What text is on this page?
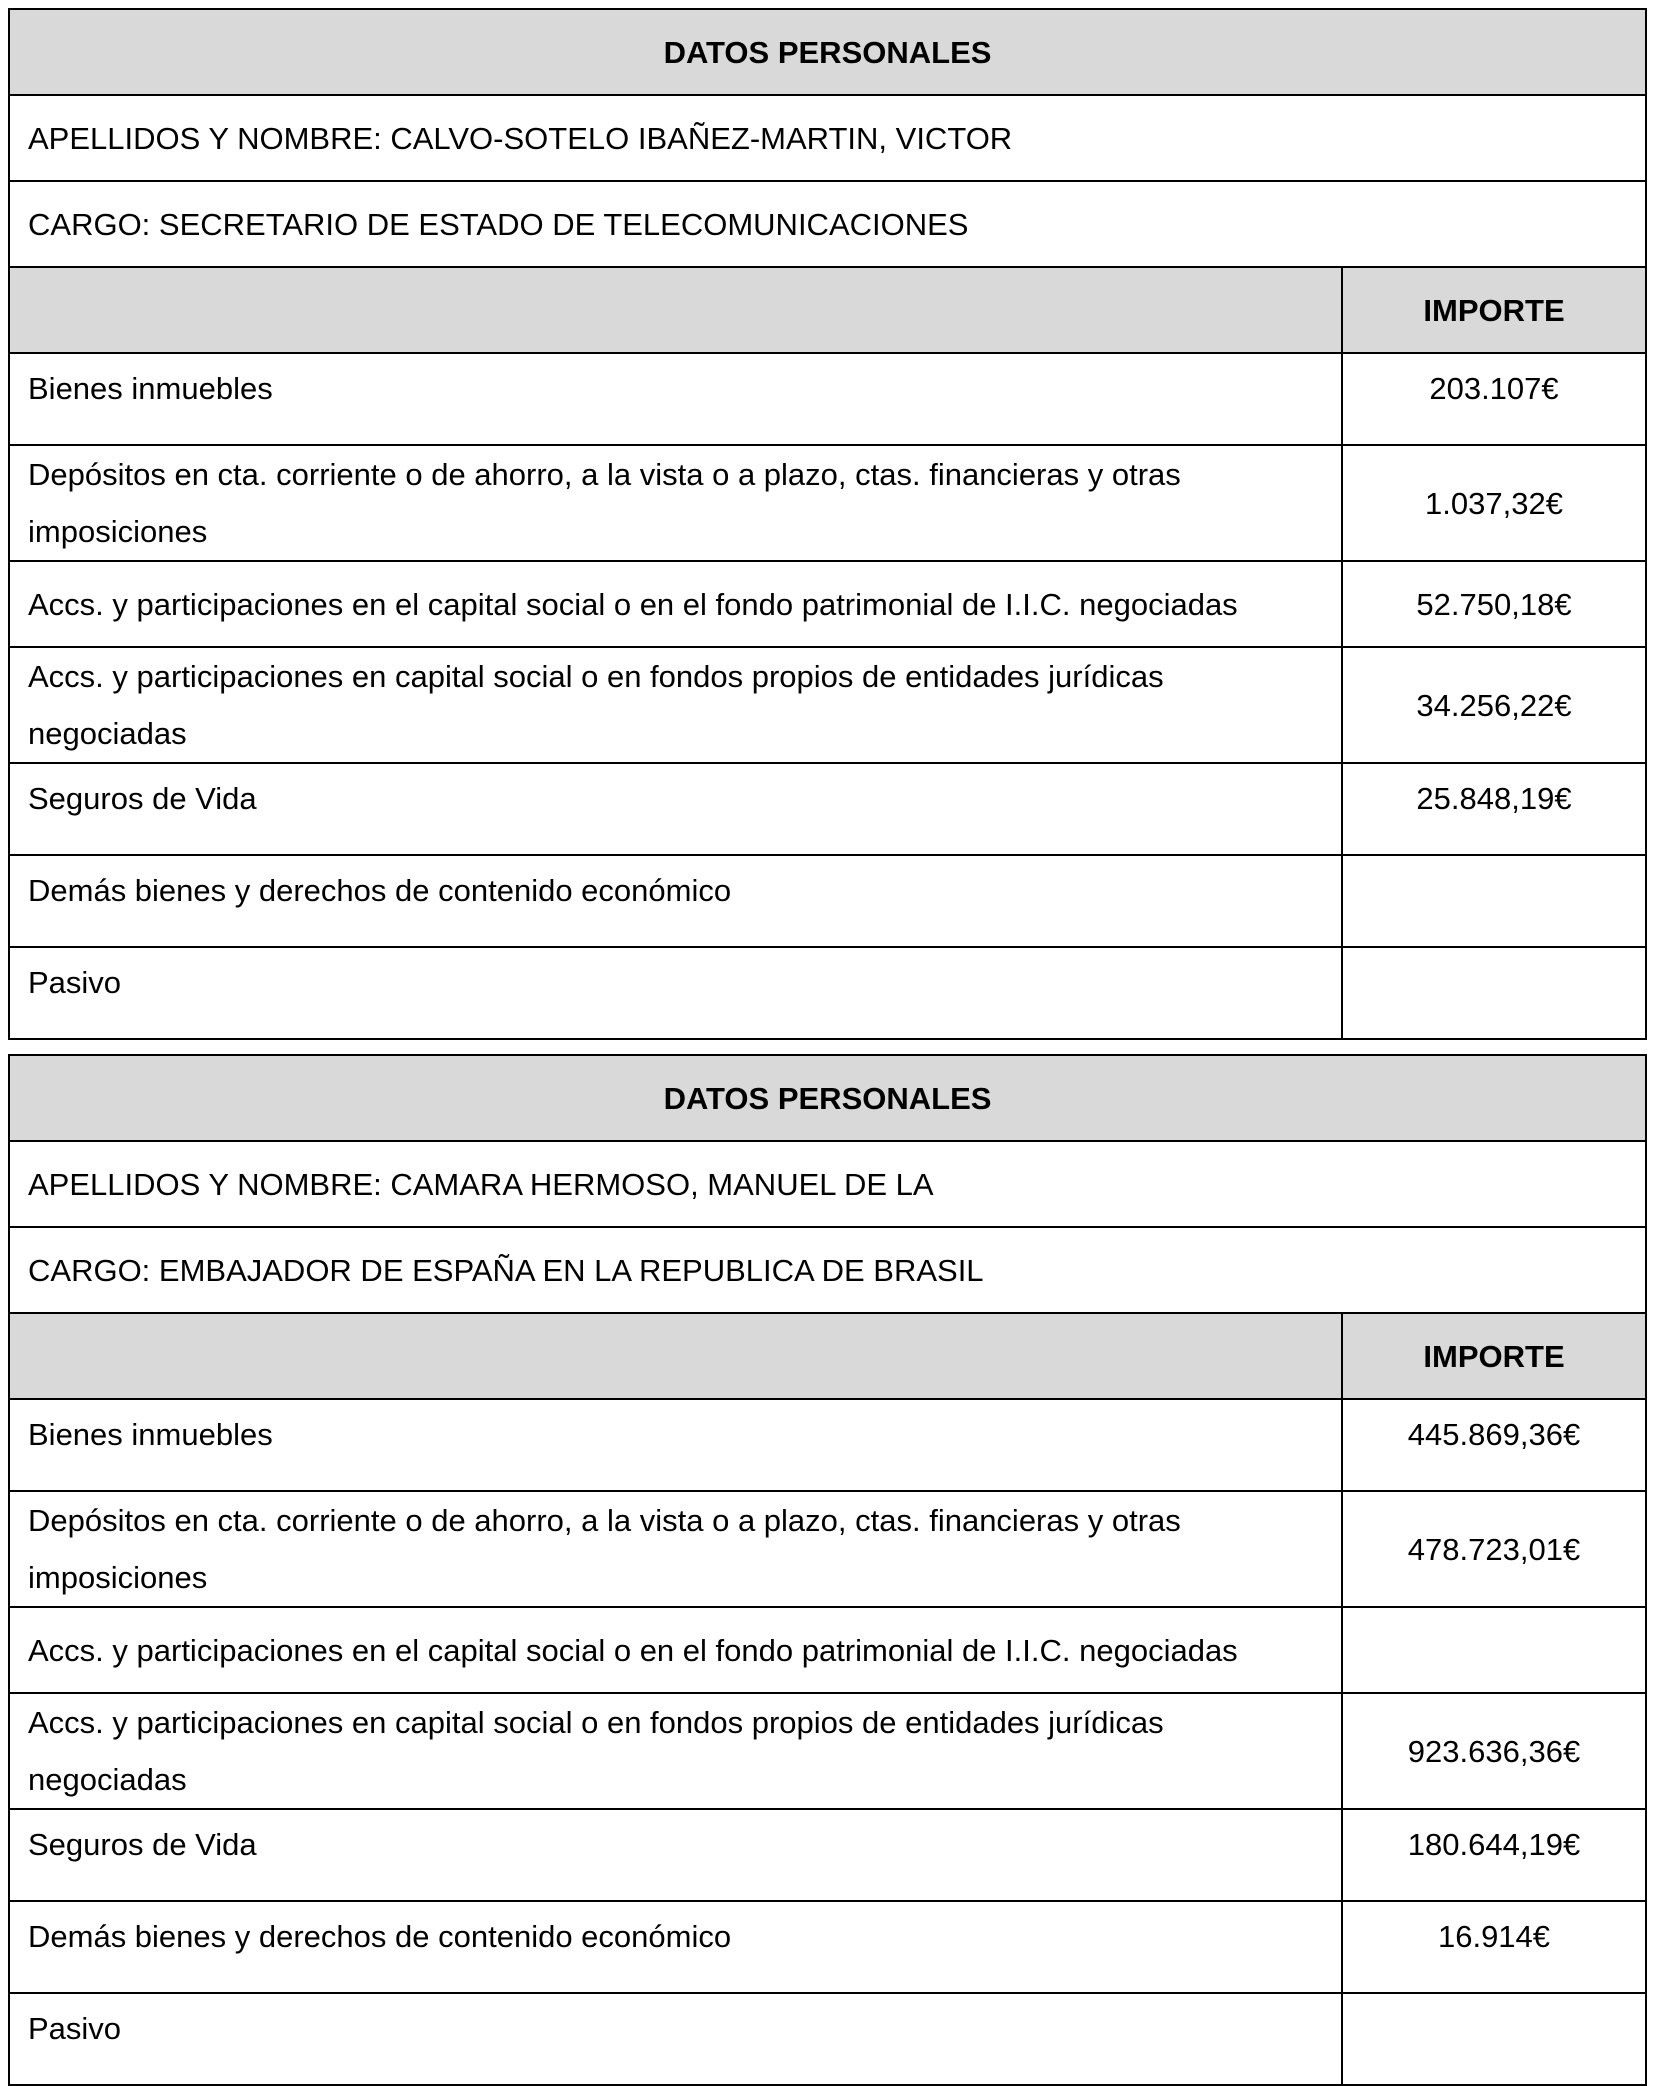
DATOS PERSONALES	
APELLIDOS Y NOMBRE: CALVO-SOTELO IBAÑEZ-MARTIN, VICTOR	
CARGO: SECRETARIO DE ESTADO DE TELECOMUNICACIONES	
	IMPORTE
Bienes inmuebles	203.107€
Depósitos en cta. corriente o de ahorro, a la vista o a plazo, ctas. financieras y otras imposiciones	1.037,32€
Accs. y participaciones en el capital social o en el fondo patrimonial de I.I.C. negociadas	52.750,18€
Accs. y participaciones en capital social o en fondos propios de entidades jurídicas negociadas	34.256,22€
Seguros de Vida	25.848,19€
Demás bienes y derechos de contenido económico	
Pasivo	
DATOS PERSONALES	
APELLIDOS Y NOMBRE: CAMARA HERMOSO, MANUEL DE LA	
CARGO: EMBAJADOR DE ESPAÑA EN LA REPUBLICA DE BRASIL	
	IMPORTE
Bienes inmuebles	445.869,36€
Depósitos en cta. corriente o de ahorro, a la vista o a plazo, ctas. financieras y otras imposiciones	478.723,01€
Accs. y participaciones en el capital social o en el fondo patrimonial de I.I.C. negociadas	
Accs. y participaciones en capital social o en fondos propios de entidades jurídicas negociadas	923.636,36€
Seguros de Vida	180.644,19€
Demás bienes y derechos de contenido económico	16.914€
Pasivo	
